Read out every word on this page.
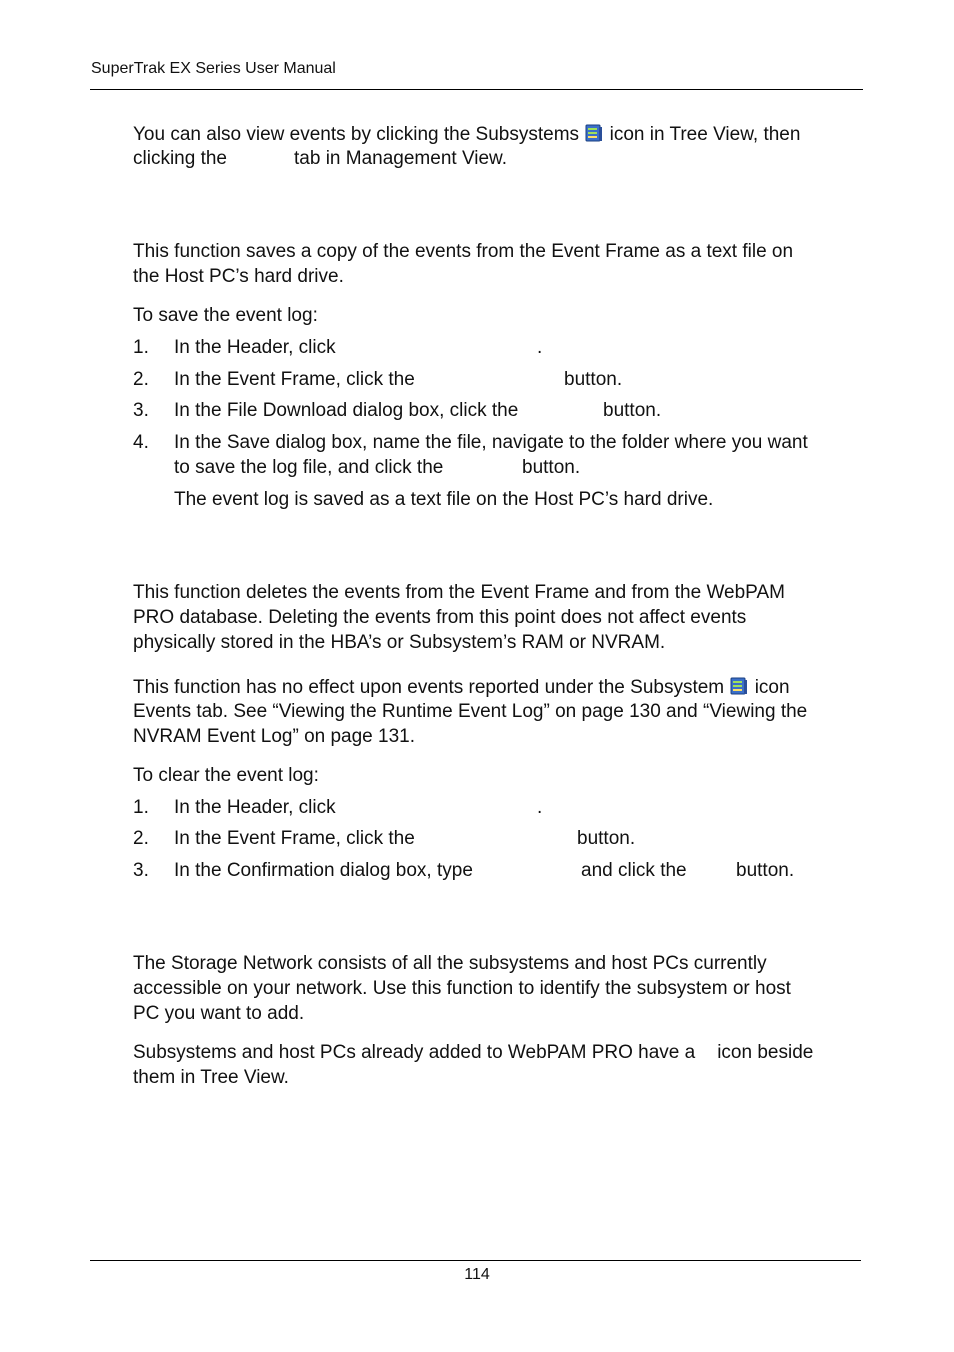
SuperTrak EX Series User Manual
You can also view events by clicking the Subsystems icon in Tree View, then
clicking the	tab in Management View.
This function saves a copy of the events from the Event Frame as a text file on
the Host PC’s hard drive.
To save the event log:
1. In the Header, click	.
2. In the Event Frame, click the	button.
3. In the File Download dialog box, click the	button.
4. In the Save dialog box, name the file, navigate to the folder where you want
to save the log file, and click the	button.
The event log is saved as a text file on the Host PC’s hard drive.
This function deletes the events from the Event Frame and from the WebPAM
PRO database. Deleting the events from this point does not affect events
physically stored in the HBA’s or Subsystem’s RAM or NVRAM.
This function has no effect upon events reported under the Subsystem icon
Events tab. See “Viewing the Runtime Event Log” on page 130 and “Viewing the
NVRAM Event Log” on page 131.
To clear the event log:
1. In the Header, click	.
2. In the Event Frame, click the	button.
3. In the Confirmation dialog box, type	and click the	button.
The Storage Network consists of all the subsystems and host PCs currently
accessible on your network. Use this function to identify the subsystem or host
PC you want to add.
Subsystems and host PCs already added to WebPAM PRO have a icon beside
them in Tree View.
114
